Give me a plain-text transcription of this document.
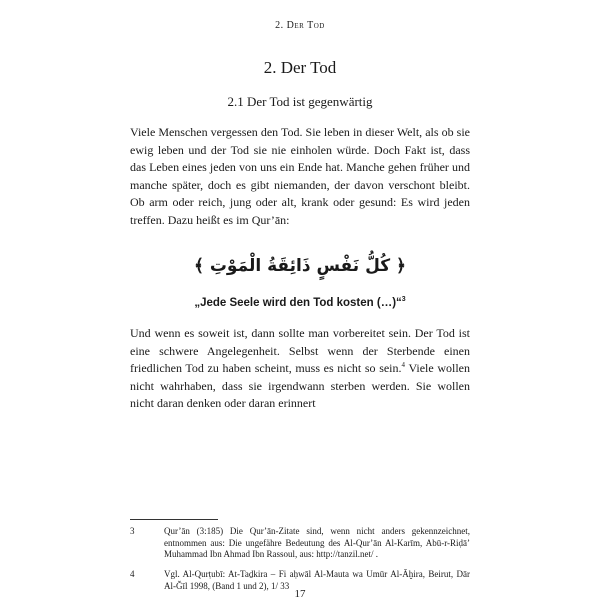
2. Der Tod
2. Der Tod
2.1 Der Tod ist gegenwärtig

Viele Menschen vergessen den Tod. Sie leben in dieser Welt, als ob sie ewig leben und der Tod sie nie einholen würde. Doch Fakt ist, dass das Leben eines jeden von uns ein Ende hat. Manche gehen früher und manche später, doch es gibt niemanden, der davon verschont bleibt. Ob arm oder reich, jung oder alt, krank oder gesund: Es wird jeden treffen. Dazu heißt es im Qur’ān:

﴿ كُلُّ نَفْسٍ ذَائِقَةُ الْمَوْتِ ﴾
„Jede Seele wird den Tod kosten (…)“$^3$

Und wenn es soweit ist, dann sollte man vorbereitet sein. Der Tod ist eine schwere Angelegenheit. Selbst wenn der Sterbende einen friedlichen Tod zu haben scheint, muss es nicht so sein.$^4$ Viele wollen nicht wahrhaben, dass sie irgendwann sterben werden. Sie wollen nicht daran denken oder daran erinnert

3	Qur’ān (3:185) Die Qur’ān-Zitate sind, wenn nicht anders gekennzeichnet, entnommen aus: Die ungefähre Bedeutung des Al-Qur’ān Al-Karīm, Abū-r-Riḍā’ Muhammad Ibn Ahmad Ibn Rassoul, aus: http://tanzil.net/ .
4	Vgl. Al-Qurṭubī: At-Taḏkira – Fi aḥwāl Al-Mauta wa Umūr Al-Āḫira, Beirut, Dār Al-Ǧīl 1998, (Band 1 und 2), 1/ 33
17
